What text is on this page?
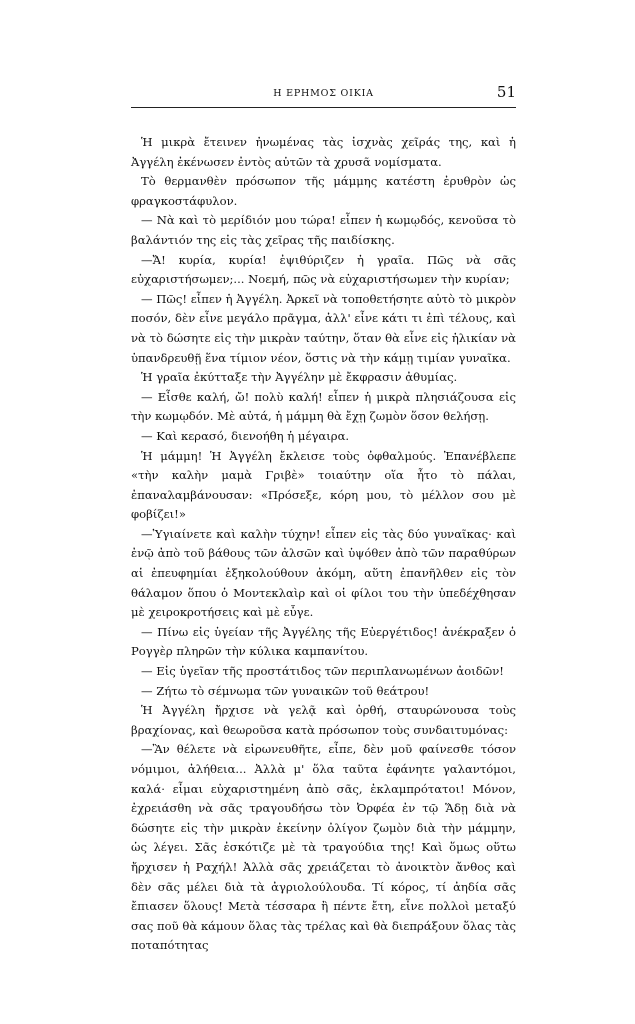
Η ΕΡΗΜΟΣ ΟΙΚΙΑ	51

Ἡ μικρὰ ἔτεινεν ἠνωμένας τὰς ἰσχνὰς χεῖράς της, καὶ ἡ Ἀγγέλη ἐκένωσεν ἐντὸς αὐτῶν τὰ χρυσᾶ νομίσματα.

Τὸ θερμανθὲν πρόσωπον τῆς μάμμης κατέστη ἐρυθρὸν ὡς φραγκοστάφυλον.

— Νὰ καὶ τὸ μερίδιόν μου τώρα! εἶπεν ἡ κωμῳδός, κενοῦσα τὸ βαλάντιόν της εἰς τὰς χεῖρας τῆς παιδίσκης.

—Ἄ! κυρία, κυρία! ἐψιθύριζεν ἡ γραῖα. Πῶς νὰ σᾶς εὐχαριστήσωμεν;... Νοεμή, πῶς νὰ εὐχαριστήσωμεν τὴν κυρίαν;

— Πῶς! εἶπεν ἡ Ἀγγέλη. Ἀρκεῖ νὰ τοποθετήσητε αὐτὸ τὸ μικρὸν ποσόν, δὲν εἶνε μεγάλο πρᾶγμα, ἀλλ' εἶνε κάτι τι ἐπὶ τέλους, καὶ νὰ τὸ δώσητε εἰς τὴν μικρὰν ταύτην, ὅταν θὰ εἶνε εἰς ἡλικίαν νὰ ὑπανδρευθῇ ἕνα τίμιον νέον, ὅστις νὰ τὴν κάμῃ τιμίαν γυναῖκα.

Ἡ γραῖα ἐκύτταξε τὴν Ἀγγέλην μὲ ἔκφρασιν ἀθυμίας.

— Εἶσθε καλή, ὤ! πολὺ καλή! εἶπεν ἡ μικρὰ πλησιάζουσα εἰς τὴν κωμῳδόν. Μὲ αὐτά, ἡ μάμμη θὰ ἔχῃ ζωμὸν ὅσον θελήσῃ.

— Καὶ κερασό, διενοήθη ἡ μέγαιρα.

Ἡ μάμμη! Ἡ Ἀγγέλη ἔκλεισε τοὺς ὀφθαλμούς. Ἐπανέβλεπε «τὴν καλὴν μαμὰ Γριβὲ» τοιαύτην οἵα ἦτο τὸ πάλαι, ἐπαναλαμβάνουσαν: «Πρόσεξε, κόρη μου, τὸ μέλλον σου μὲ φοβίζει!»

—Ὑγιαίνετε καὶ καλὴν τύχην! εἶπεν εἰς τὰς δύο γυναῖκας· καὶ ἐνῷ ἀπὸ τοῦ βάθους τῶν ἀλσῶν καὶ ὑψόθεν ἀπὸ τῶν παραθύρων αἱ ἐπευφημίαι ἐξηκολούθουν ἀκόμη, αὕτη ἐπανῆλθεν εἰς τὸν θάλαμον ὅπου ὁ Μοντεκλαὶρ καὶ οἱ φίλοι του τὴν ὑπεδέχθησαν μὲ χειροκροτήσεις καὶ μὲ εὖγε.

— Πίνω εἰς ὑγείαν τῆς Ἀγγέλης τῆς Εὐεργέτιδος! ἀνέκραξεν ὁ Ρογγὲρ πληρῶν τὴν κύλικα καμπανίτου.

— Εἰς ὑγεῖαν τῆς προστάτιδος τῶν περιπλανωμένων ἀοιδῶν!

— Ζήτω τὸ σέμνωμα τῶν γυναικῶν τοῦ θεάτρου!

Ἡ Ἀγγέλη ἤρχισε νὰ γελᾷ καὶ ὀρθή, σταυρώνουσα τοὺς βραχίονας, καὶ θεωροῦσα κατὰ πρόσωπον τοὺς συνδαιτυμόνας:

—Ἂν θέλετε νὰ εἰρωνευθῆτε, εἶπε, δὲν μοῦ φαίνεσθε τόσον νόμιμοι, ἀλήθεια... Ἀλλὰ μ' ὅλα ταῦτα ἐφάνητε γαλαντόμοι, καλά· εἶμαι εὐχαριστημένη ἀπὸ σᾶς, ἐκλαμπρότατοι! Μόνον, ἐχρειάσθη νὰ σᾶς τραγουδήσω τὸν Ὀρφέα ἐν τῷ Ἅδῃ διὰ νὰ δώσητε εἰς τὴν μικρὰν ἐκείνην ὀλίγον ζωμὸν διὰ τὴν μάμμην, ὡς λέγει. Σᾶς ἐσκότιζε μὲ τὰ τραγούδια της! Καὶ ὅμως οὕτω ἤρχισεν ἡ Ραχήλ! Ἀλλὰ σᾶς χρειάζεται τὸ ἀνοικτὸν ἄνθος καὶ δὲν σᾶς μέλει διὰ τὰ ἀγριολούλουδα. Τί κόρος, τί ἀηδία σᾶς ἔπιασεν ὅλους! Μετὰ τέσσαρα ἢ πέντε ἔτη, εἶνε πολλοὶ μεταξύ σας ποῦ θὰ κάμουν ὅλας τὰς τρέλας καὶ θὰ διεπράξουν ὅλας τὰς ποταπότητας
